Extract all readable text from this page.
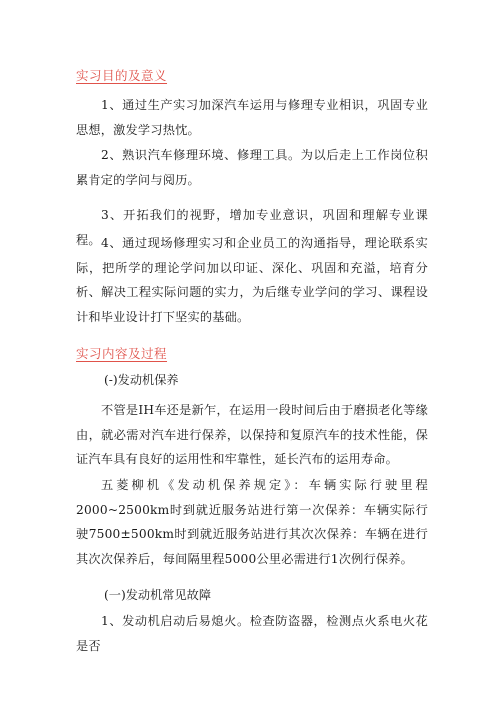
实习目的及意义

1、通过生产实习加深汽车运用与修理专业相识，巩固专业思想，激发学习热忱。

2、熟识汽车修理环境、修理工具。为以后走上工作岗位积累肯定的学问与阅历。

3、开拓我们的视野，增加专业意识，巩固和理解专业课程。 4、通过现场修理实习和企业员工的沟通指导，理论联系实际，把所学的理论学问加以印证、深化、巩固和充溢，培育分析、解决工程实际问题的实力，为后继专业学问的学习、课程设计和毕业设计打下坚实的基础。

实习内容及过程
(-)发动机保养

不管是IH车还是新乍，在运用一段时间后由于磨损老化等缘由，就必需对汽车进行保养，以保持和复原汽车的技术性能，保证汽车具有良好的运用性和牢靠性，延长汽布的运用寿命。

五菱柳机《发动机保养规定》：车辆实际行驶里程2000~2500km时到就近服务站进行第一次保养：车辆实际行驶7500±500km时到就近服务站进行其次次保养：车辆在进行其次次保养后，每间隔里程5000公里必需进行1次例行保养。

(一)发动机常见故障

1、发动机启动后易熄火。检查防盗器，检测点火系电火花是否
